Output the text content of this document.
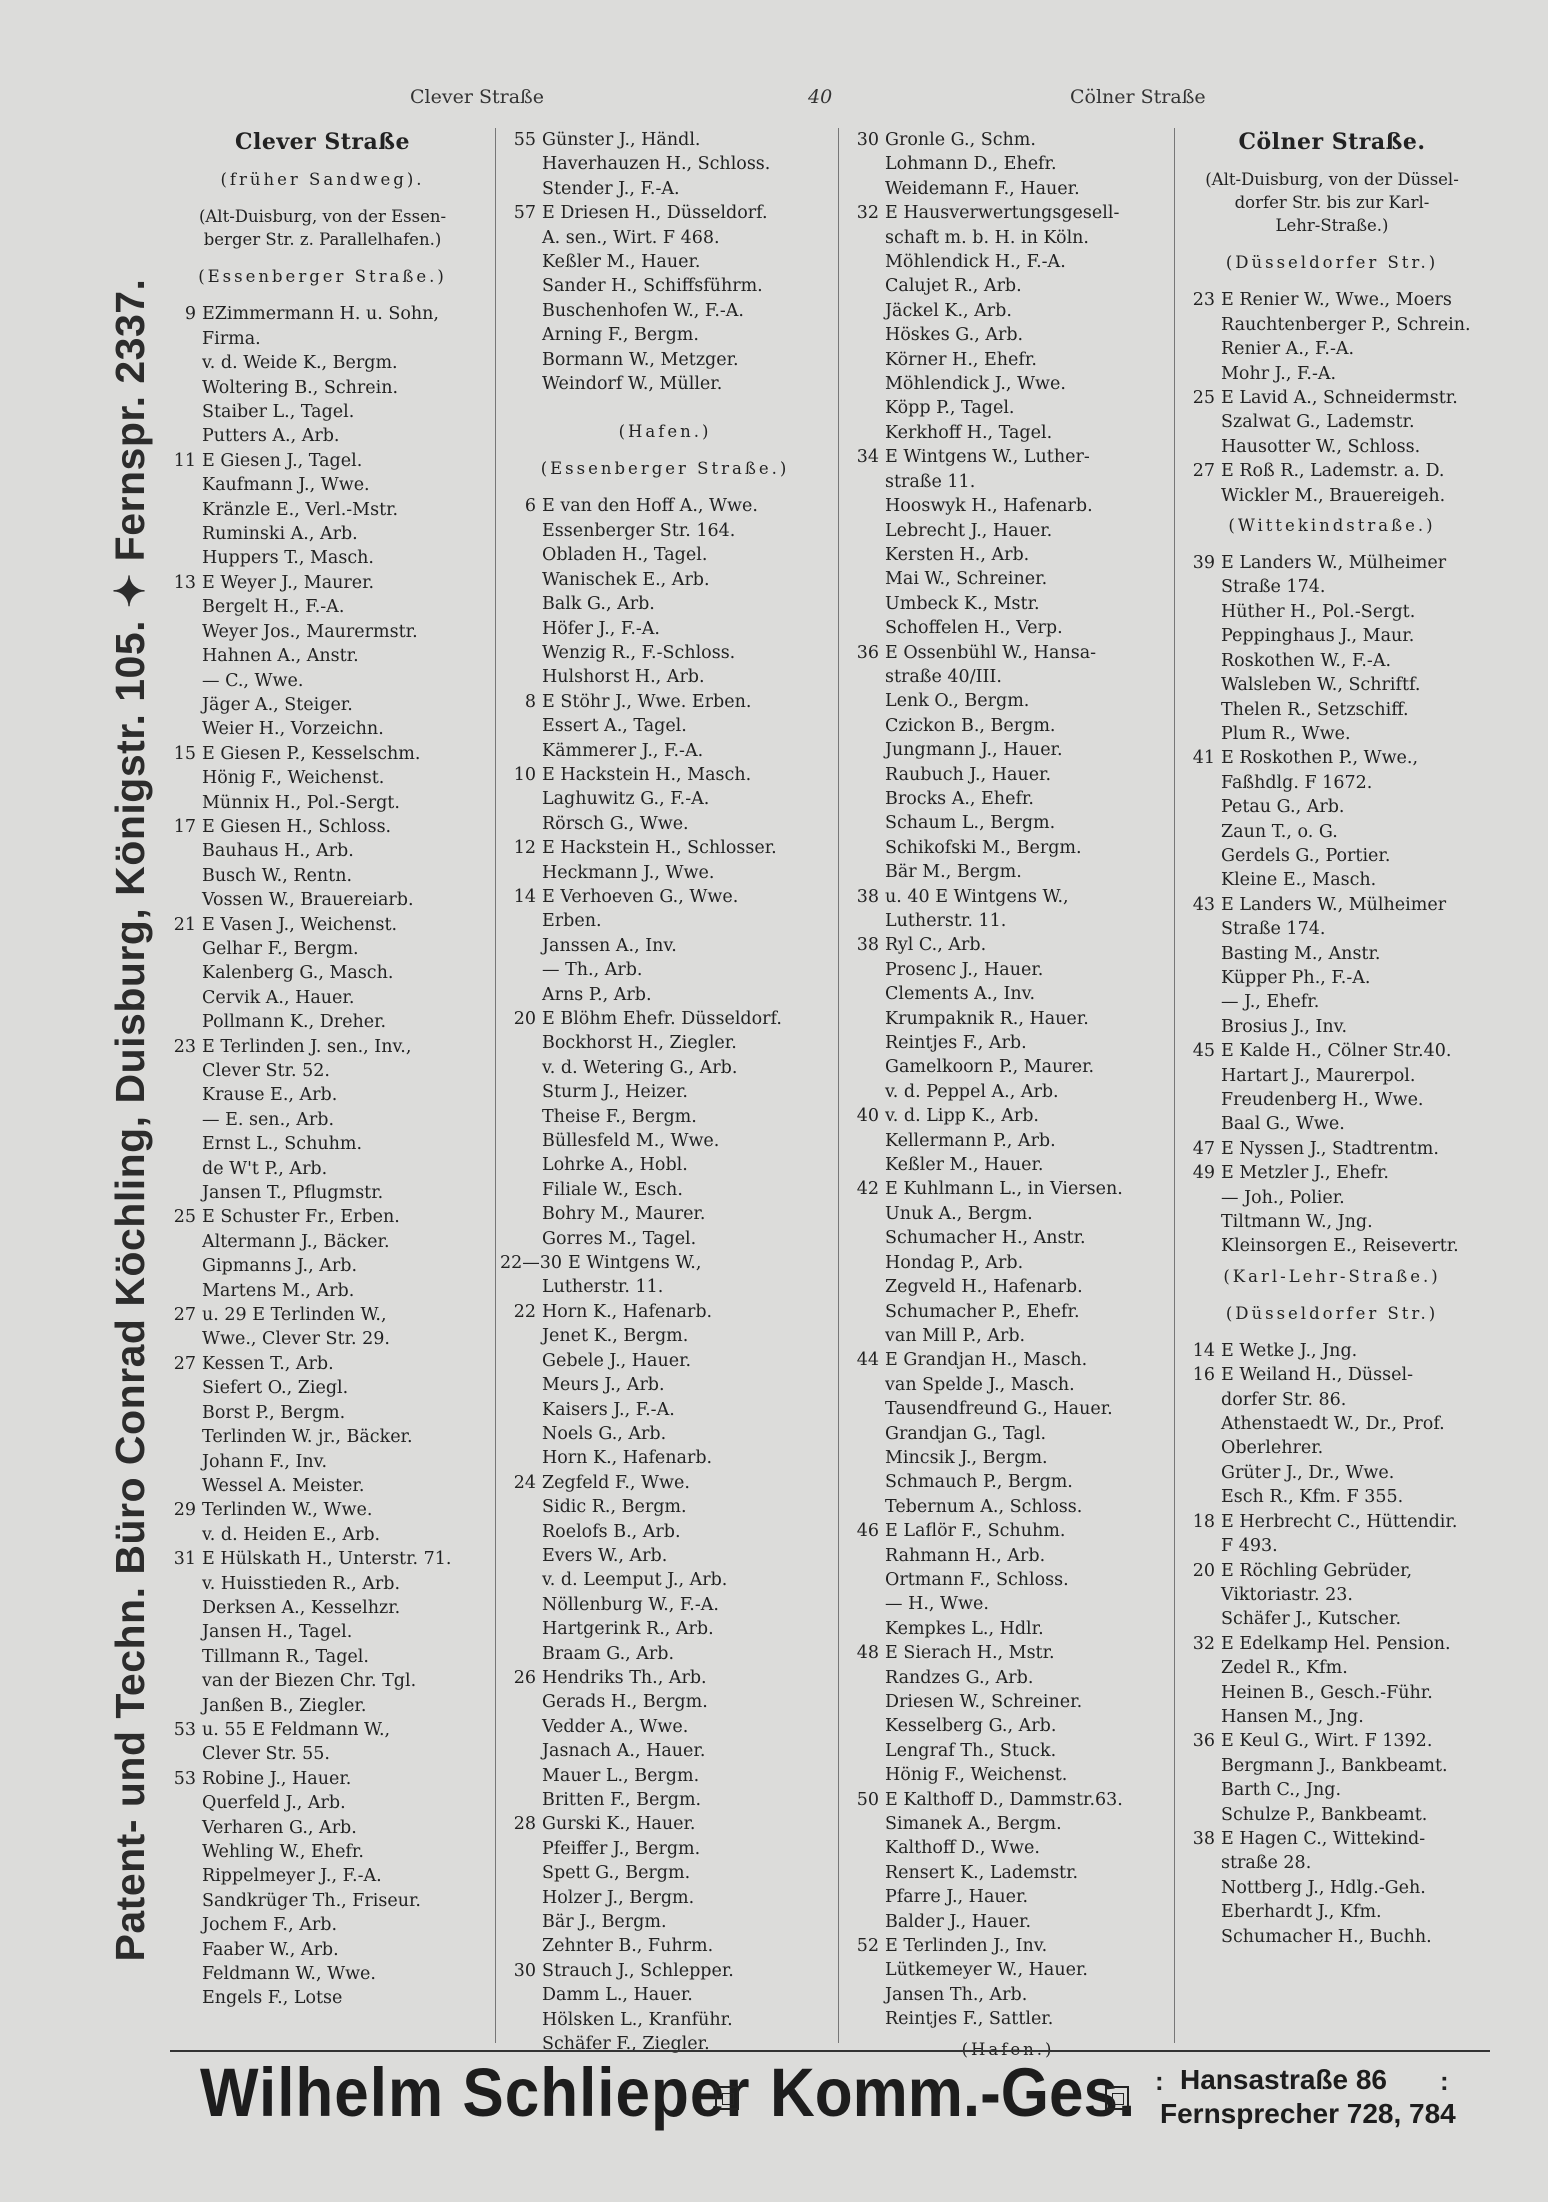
Clever Straße	40	Cölner Straße
Patent- und Techn. Büro Conrad Köchling, Duisburg, Königstr. 105. ✦ Fernspr. 2337.
Clever Straße
(früher Sandweg).
(Alt-Duisburg, von der Essen-
berger Str. z. Parallelhafen.)
(Essenberger Straße.)
9 EZimmermann H. u. Sohn,
Firma.
v. d. Weide K., Bergm.
Woltering B., Schrein.
Staiber L., Tagel.
Putters A., Arb.
11 E Giesen J., Tagel.
Kaufmann J., Wwe.
Kränzle E., Verl.-Mstr.
Ruminski A., Arb.
Huppers T., Masch.
13 E Weyer J., Maurer.
Bergelt H., F.-A.
Weyer Jos., Maurermstr.
Hahnen A., Anstr.
— C., Wwe.
Jäger A., Steiger.
Weier H., Vorzeichn.
15 E Giesen P., Kesselschm.
Hönig F., Weichenst.
Münnix H., Pol.-Sergt.
17 E Giesen H., Schloss.
Bauhaus H., Arb.
Busch W., Rentn.
Vossen W., Brauereiarb.
21 E Vasen J., Weichenst.
Gelhar F., Bergm.
Kalenberg G., Masch.
Cervik A., Hauer.
Pollmann K., Dreher.
23 E Terlinden J. sen., Inv.,
Clever Str. 52.
Krause E., Arb.
— E. sen., Arb.
Ernst L., Schuhm.
de W't P., Arb.
Jansen T., Pflugmstr.
25 E Schuster Fr., Erben.
Altermann J., Bäcker.
Gipmanns J., Arb.
Martens M., Arb.
27 u. 29 E Terlinden W.,
Wwe., Clever Str. 29.
27 Kessen T., Arb.
Siefert O., Ziegl.
Borst P., Bergm.
Terlinden W. jr., Bäcker.
Johann F., Inv.
Wessel A. Meister.
29 Terlinden W., Wwe.
v. d. Heiden E., Arb.
31 E Hülskath H., Unterstr. 71.
v. Huisstieden R., Arb.
Derksen A., Kesselhzr.
Jansen H., Tagel.
Tillmann R., Tagel.
van der Biezen Chr. Tgl.
Janßen B., Ziegler.
53 u. 55 E Feldmann W.,
Clever Str. 55.
53 Robine J., Hauer.
Querfeld J., Arb.
Verharen G., Arb.
Wehling W., Ehefr.
Rippelmeyer J., F.-A.
Sandkrüger Th., Friseur.
Jochem F., Arb.
Faaber W., Arb.
Feldmann W., Wwe.
Engels F., Lotse
55 Günster J., Händl.
Haverhauzen H., Schloss.
Stender J., F.-A.
57 E Driesen H., Düsseldorf.
A. sen., Wirt. F 468.
Keßler M., Hauer.
Sander H., Schiffsführm.
Buschenhofen W., F.-A.
Arning F., Bergm.
Bormann W., Metzger.
Weindorf W., Müller.
(Hafen.)
(Essenberger Straße.)
6 E van den Hoff A., Wwe.
Essenberger Str. 164.
Obladen H., Tagel.
Wanischek E., Arb.
Balk G., Arb.
Höfer J., F.-A.
Wenzig R., F.-Schloss.
Hulshorst H., Arb.
8 E Stöhr J., Wwe. Erben.
Essert A., Tagel.
Kämmerer J., F.-A.
10 E Hackstein H., Masch.
Laghuwitz G., F.-A.
Rörsch G., Wwe.
12 E Hackstein H., Schlosser.
Heckmann J., Wwe.
14 E Verhoeven G., Wwe.
Erben.
Janssen A., Inv.
— Th., Arb.
Arns P., Arb.
20 E Blöhm Ehefr. Düsseldorf.
Bockhorst H., Ziegler.
v. d. Wetering G., Arb.
Sturm J., Heizer.
Theise F., Bergm.
Büllesfeld M., Wwe.
Lohrke A., Hobl.
Filiale W., Esch.
Bohry M., Maurer.
Gorres M., Tagel.
22—30 E Wintgens W.,
Lutherstr. 11.
22 Horn K., Hafenarb.
Jenet K., Bergm.
Gebele J., Hauer.
Meurs J., Arb.
Kaisers J., F.-A.
Noels G., Arb.
Horn K., Hafenarb.
24 Zegfeld F., Wwe.
Sidic R., Bergm.
Roelofs B., Arb.
Evers W., Arb.
v. d. Leemput J., Arb.
Nöllenburg W., F.-A.
Hartgerink R., Arb.
Braam G., Arb.
26 Hendriks Th., Arb.
Gerads H., Bergm.
Vedder A., Wwe.
Jasnach A., Hauer.
Mauer L., Bergm.
Britten F., Bergm.
28 Gurski K., Hauer.
Pfeiffer J., Bergm.
Spett G., Bergm.
Holzer J., Bergm.
Bär J., Bergm.
Zehnter B., Fuhrm.
30 Strauch J., Schlepper.
Damm L., Hauer.
Hölsken L., Kranführ.
Schäfer F., Ziegler.
30 Gronle G., Schm.
Lohmann D., Ehefr.
Weidemann F., Hauer.
32 E Hausverwertungsgesell-
schaft m. b. H. in Köln.
Möhlendick H., F.-A.
Calujet R., Arb.
Jäckel K., Arb.
Höskes G., Arb.
Körner H., Ehefr.
Möhlendick J., Wwe.
Köpp P., Tagel.
Kerkhoff H., Tagel.
34 E Wintgens W., Luther-
straße 11.
Hooswyk H., Hafenarb.
Lebrecht J., Hauer.
Kersten H., Arb.
Mai W., Schreiner.
Umbeck K., Mstr.
Schoffelen H., Verp.
36 E Ossenbühl W., Hansa-
straße 40/III.
Lenk O., Bergm.
Czickon B., Bergm.
Jungmann J., Hauer.
Raubuch J., Hauer.
Brocks A., Ehefr.
Schaum L., Bergm.
Schikofski M., Bergm.
Bär M., Bergm.
38 u. 40 E Wintgens W.,
Lutherstr. 11.
38 Ryl C., Arb.
Prosenc J., Hauer.
Clements A., Inv.
Krumpaknik R., Hauer.
Reintjes F., Arb.
Gamelkoorn P., Maurer.
v. d. Peppel A., Arb.
40 v. d. Lipp K., Arb.
Kellermann P., Arb.
Keßler M., Hauer.
42 E Kuhlmann L., in Viersen.
Unuk A., Bergm.
Schumacher H., Anstr.
Hondag P., Arb.
Zegveld H., Hafenarb.
Schumacher P., Ehefr.
van Mill P., Arb.
44 E Grandjan H., Masch.
van Spelde J., Masch.
Tausendfreund G., Hauer.
Grandjan G., Tagl.
Mincsik J., Bergm.
Schmauch P., Bergm.
Tebernum A., Schloss.
46 E Laflör F., Schuhm.
Rahmann H., Arb.
Ortmann F., Schloss.
— H., Wwe.
Kempkes L., Hdlr.
48 E Sierach H., Mstr.
Randzes G., Arb.
Driesen W., Schreiner.
Kesselberg G., Arb.
Lengraf Th., Stuck.
Hönig F., Weichenst.
50 E Kalthoff D., Dammstr.63.
Simanek A., Bergm.
Kalthoff D., Wwe.
Rensert K., Lademstr.
Pfarre J., Hauer.
Balder J., Hauer.
52 E Terlinden J., Inv.
Lütkemeyer W., Hauer.
Jansen Th., Arb.
Reintjes F., Sattler.
(Hafen.)
Cölner Straße.
(Alt-Duisburg, von der Düssel-
dorfer Str. bis zur Karl-
Lehr-Straße.)
(Düsseldorfer Str.)
23 E Renier W., Wwe., Moers
Rauchtenberger P., Schrein.
Renier A., F.-A.
Mohr J., F.-A.
25 E Lavid A., Schneidermstr.
Szalwat G., Lademstr.
Hausotter W., Schloss.
27 E Roß R., Lademstr. a. D.
Wickler M., Brauereigeh.
(Wittekindstraße.)
39 E Landers W., Mülheimer
Straße 174.
Hüther H., Pol.-Sergt.
Peppinghaus J., Maur.
Roskothen W., F.-A.
Walsleben W., Schriftf.
Thelen R., Setzschiff.
Plum R., Wwe.
41 E Roskothen P., Wwe.,
Faßhdlg. F 1672.
Petau G., Arb.
Zaun T., o. G.
Gerdels G., Portier.
Kleine E., Masch.
43 E Landers W., Mülheimer
Straße 174.
Basting M., Anstr.
Küpper Ph., F.-A.
— J., Ehefr.
Brosius J., Inv.
45 E Kalde H., Cölner Str.40.
Hartart J., Maurerpol.
Freudenberg H., Wwe.
Baal G., Wwe.
47 E Nyssen J., Stadtrentm.
49 E Metzler J., Ehefr.
— Joh., Polier.
Tiltmann W., Jng.
Kleinsorgen E., Reisevertr.
(Karl-Lehr-Straße.)
(Düsseldorfer Str.)
14 E Wetke J., Jng.
16 E Weiland H., Düssel-
dorfer Str. 86.
Athenstaedt W., Dr., Prof.
Oberlehrer.
Grüter J., Dr., Wwe.
Esch R., Kfm. F 355.
18 E Herbrecht C., Hüttendir.
F 493.
20 E Röchling Gebrüder,
Viktoriastr. 23.
Schäfer J., Kutscher.
32 E Edelkamp Hel. Pension.
Zedel R., Kfm.
Heinen B., Gesch.-Führ.
Hansen M., Jng.
36 E Keul G., Wirt. F 1392.
Bergmann J., Bankbeamt.
Barth C., Jng.
Schulze P., Bankbeamt.
38 E Hagen C., Wittekind-
straße 28.
Nottberg J., Hdlg.-Geh.
Eberhardt J., Kfm.
Schumacher H., Buchh.
Wilhelm Schlieper Komm.-Ges. : Hansastraße 86 :
Fernsprecher 728, 784
